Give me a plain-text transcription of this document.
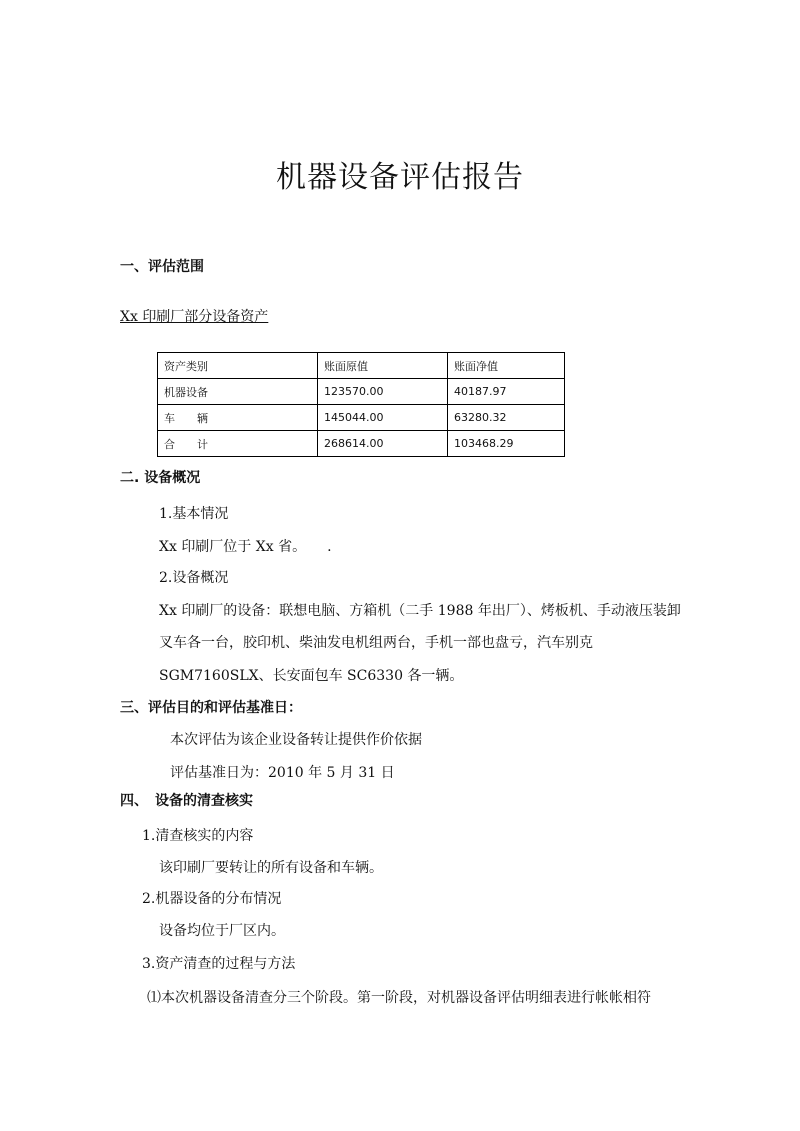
机器设备评估报告
一、评估范围
Xx 印刷厂部分设备资产
资产类别	账面原值	账面净值
机器设备	123570.00	40187.97
车　　辆	145044.00	63280.32
合　　计	268614.00	103468.29
二. 设备概况
1.基本情况
Xx 印刷厂位于 Xx 省。　　.
2.设备概况
Xx 印刷厂的设备：联想电脑、方箱机（二手 1988 年出厂）、烤板机、手动液压装卸
叉车各一台，胶印机、柴油发电机组两台，手机一部也盘亏，汽车别克
SGM7160SLX、长安面包车 SC6330 各一辆。
三、评估目的和评估基准日：
本次评估为该企业设备转让提供作价依据
评估基准日为：2010 年 5 月 31 日
四、　设备的清查核实
1.清查核实的内容
该印刷厂要转让的所有设备和车辆。
2.机器设备的分布情况
设备均位于厂区内。
3.资产清查的过程与方法
⑴本次机器设备清查分三个阶段。第一阶段，对机器设备评估明细表进行帐帐相符
